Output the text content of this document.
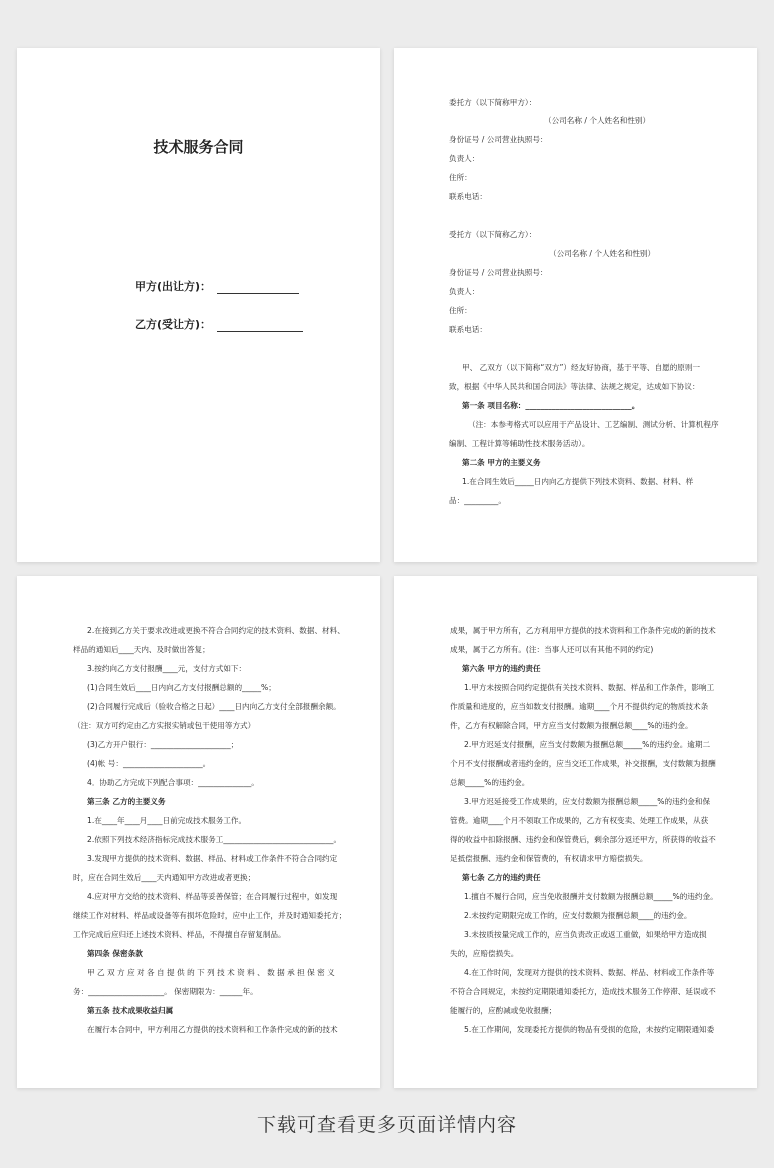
技术服务合同
甲方(出让方)：
乙方(受让方)：
委托方（以下简称甲方）：
（公司名称 / 个人姓名和性别）
身份证号 / 公司营业执照号：
负责人：
住所：
联系电话：
受托方（以下简称乙方）：
（公司名称 / 个人姓名和性别）
身份证号 / 公司营业执照号：
负责人：
住所：
联系电话：
甲、 乙双方（以下简称“双方”）经友好协商，基于平等、自愿的原则一
致，根据《中华人民共和国合同法》等法律、法规之规定，达成如下协议：
第一条 项目名称：____________________________。
（注：本参考格式可以应用于产品设计、工艺编制、测试分析、计算机程序
编制、工程计算等辅助性技术服务活动）。
第二条 甲方的主要义务
1.在合同生效后_____日内向乙方提供下列技术资料、数据、材料、样
品：_________。
2.在接到乙方关于要求改进或更换不符合合同约定的技术资料、数据、材料、
样品的通知后____天内、及时做出答复；
3.按约向乙方支付报酬____元，支付方式如下：
(1)合同生效后____日内向乙方支付报酬总额的_____%；
(2)合同履行完成后（验收合格之日起）____日内向乙方支付全部报酬余额。
（注：双方可约定由乙方实报实销或包干使用等方式）
(3)乙方开户银行：_____________________；
(4)帐 号：_____________________。
4．协助乙方完成下列配合事项：______________。
第三条 乙方的主要义务
1.在____年____月____日前完成技术服务工作。
2.依照下列技术经济指标完成技术服务工_____________________________。
3.发现甲方提供的技术资料、数据、样品、材料或工作条件不符合合同约定
时，应在合同生效后____天内通知甲方改进或者更换；
4.应对甲方交给的技术资料、样品等妥善保管；在合同履行过程中，如发现
继续工作对材料、样品或设备等有损坏危险时，应中止工作，并及时通知委托方；
工作完成后应归还上述技术资料、样品，不得擅自存留复制品。
第四条 保密条款
甲 乙 双 方 应 对 各 自 提 供 的 下 列 技 术 资 料 、 数 据 承 担 保 密 义
务：____________________。 保密期限为：______年。
第五条 技术成果收益归属
在履行本合同中，甲方利用乙方提供的技术资料和工作条件完成的新的技术
成果，属于甲方所有，乙方利用甲方提供的技术资料和工作条件完成的新的技术
成果，属于乙方所有。(注：当事人还可以有其他不同的约定)
第六条 甲方的违约责任
1.甲方未按照合同约定提供有关技术资料、数据、样品和工作条件，影响工
作质量和进度的，应当如数支付报酬。逾期____个月不提供约定的物质技术条
件，乙方有权解除合同，甲方应当支付数额为报酬总额____%的违约金。
2.甲方迟延支付报酬，应当支付数额为报酬总额_____%的违约金。逾期二
个月不支付报酬或者违约金的，应当交还工作成果，补交报酬，支付数额为报酬
总额_____%的违约金。
3.甲方迟延接受工作成果的，应支付数额为报酬总额_____%的违约金和保
管费。逾期____个月不领取工作成果的，乙方有权变卖、处理工作成果，从获
得的收益中扣除报酬、违约金和保管费后，剩余部分返还甲方，所获得的收益不
足抵偿报酬、违约金和保管费的，有权请求甲方赔偿损失。
第七条 乙方的违约责任
1.擅自不履行合同，应当免收报酬并支付数额为报酬总额_____%的违约金。
2.未按约定期限完成工作的，应支付数额为报酬总额____的违约金。
3.未按质按量完成工作的，应当负责改正或返工重做，如果给甲方造成损
失的，应赔偿损失。
4.在工作时间，发现对方提供的技术资料、数据、样品、材料或工作条件等
不符合合同规定，未按约定期限通知委托方，造成技术服务工作停滞、延误或不
能履行的，应酌减或免收报酬；
5.在工作期间，发现委托方提供的物品有受损的危险，未按约定期限通知委
下载可查看更多页面详情内容
